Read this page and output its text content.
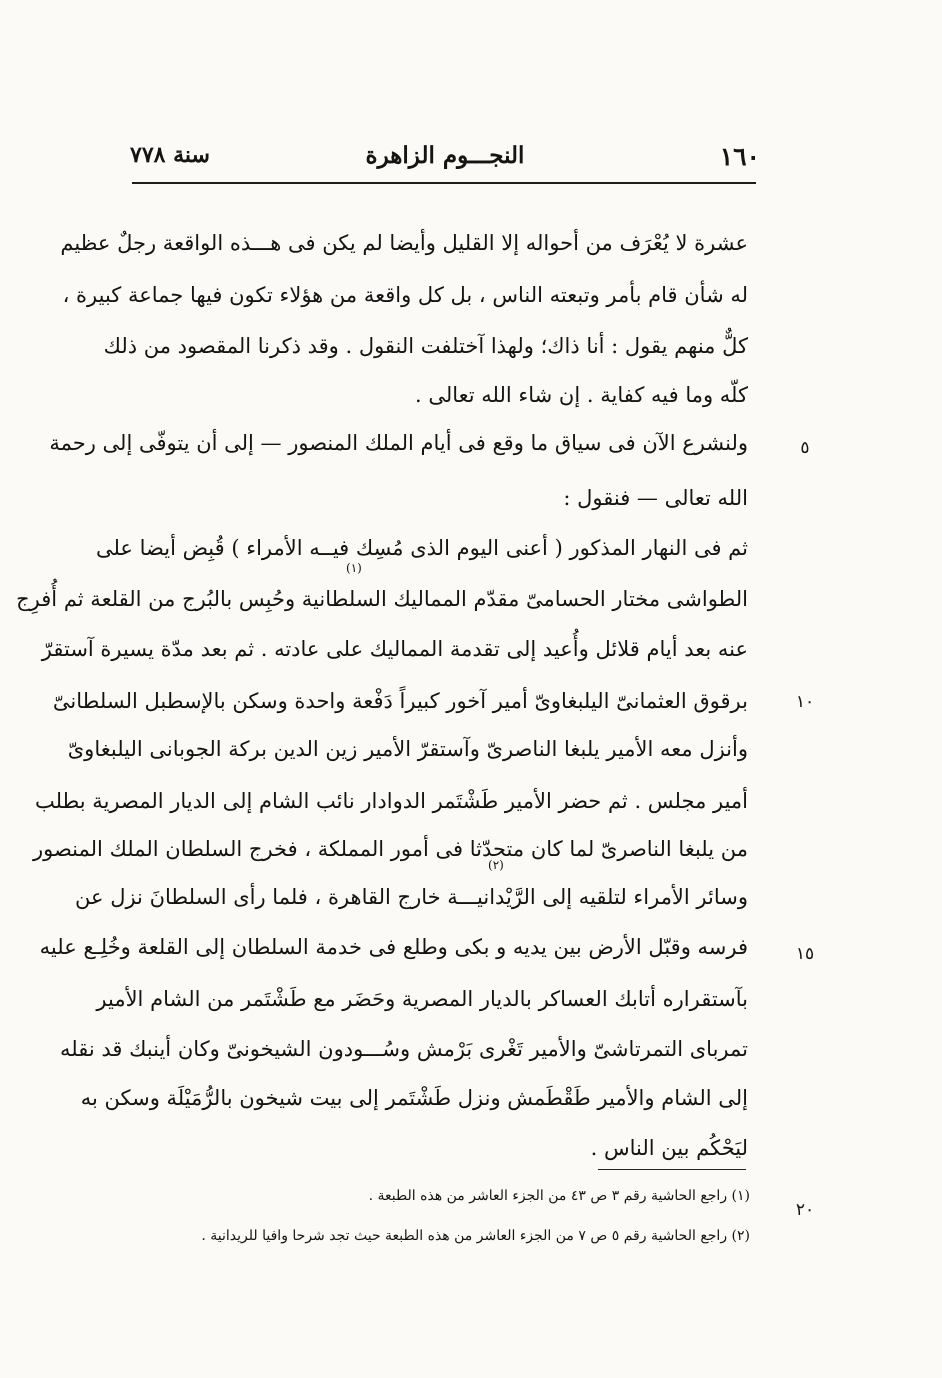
١٦٠
النجـــوم الزاهرة
سنة ٧٧٨
عشرة لا يُعْرَف من أحواله إلا القليل وأيضا لم يكن فى هـــذه الواقعة رجلٌ عظيم
له شأن قام بأمر وتبعته الناس ، بل كل واقعة من هؤلاء تكون فيها جماعة كبيرة ،
كلٌّ منهم يقول : أنا ذاك؛ ولهذا آختلفت النقول . وقد ذكرنا المقصود من ذلك
كلّه وما فيه كفاية . إن شاء الله تعالى .
ولنشرع الآن فى سياق ما وقع فى أيام الملك المنصور — إلى أن يتوفّى إلى رحمة
الله تعالى — فنقول :
ثم فى النهار المذكور ( أعنى اليوم الذى مُسِك فيــه الأمراء ) قُبِض أيضا على
الطواشى مختار الحسامىّ مقدّم المماليك السلطانية وحُبِس بالبُرج من القلعة ثم أُفرِج
عنه بعد أيام قلائل وأُعيد إلى تقدمة المماليك على عادته . ثم بعد مدّة يسيرة آستقرّ
برقوق العثمانىّ اليلبغاوىّ أمير آخور كبيراً دَفْعة واحدة وسكن بالإسطبل السلطانىّ
وأنزل معه الأمير يلبغا الناصرىّ وآستقرّ الأمير زين الدين بركة الجوبانى اليلبغاوىّ
أمير مجلس . ثم حضر الأمير طَشْتَمر الدوادار نائب الشام إلى الديار المصرية بطلب
من يلبغا الناصرىّ لما كان متحدّثا فى أمور المملكة ، فخرج السلطان الملك المنصور
وسائر الأمراء لتلقيه إلى الرَّيْدانيـــة خارج القاهرة ، فلما رأى السلطانَ نزل عن
فرسه وقبّل الأرض بين يديه و بكى وطلع فى خدمة السلطان إلى القلعة وخُلِـع عليه
بآستقراره أتابك العساكر بالديار المصرية وحَضَر مع طَشْتَمر من الشام الأمير
تمرباى التمرتاشىّ والأمير تَغْرى بَرْمش وسُـــودون الشيخونىّ وكان أينبك قد نقله
إلى الشام والأمير طَقْطَمش ونزل طَشْتَمر إلى بيت شيخون بالرُّمَيْلَة وسكن به
ليَحْكُم بين الناس .
(١)
(٢)
٥
١٠
١٥
٢٠
(١) راجع الحاشية رقم ٣ ص ٤٣ من الجزء العاشر من هذه الطبعة .
(٢) راجع الحاشية رقم ٥ ص ٧ من الجزء العاشر من هذه الطبعة حيث تجد شرحا وافيا للريدانية .
